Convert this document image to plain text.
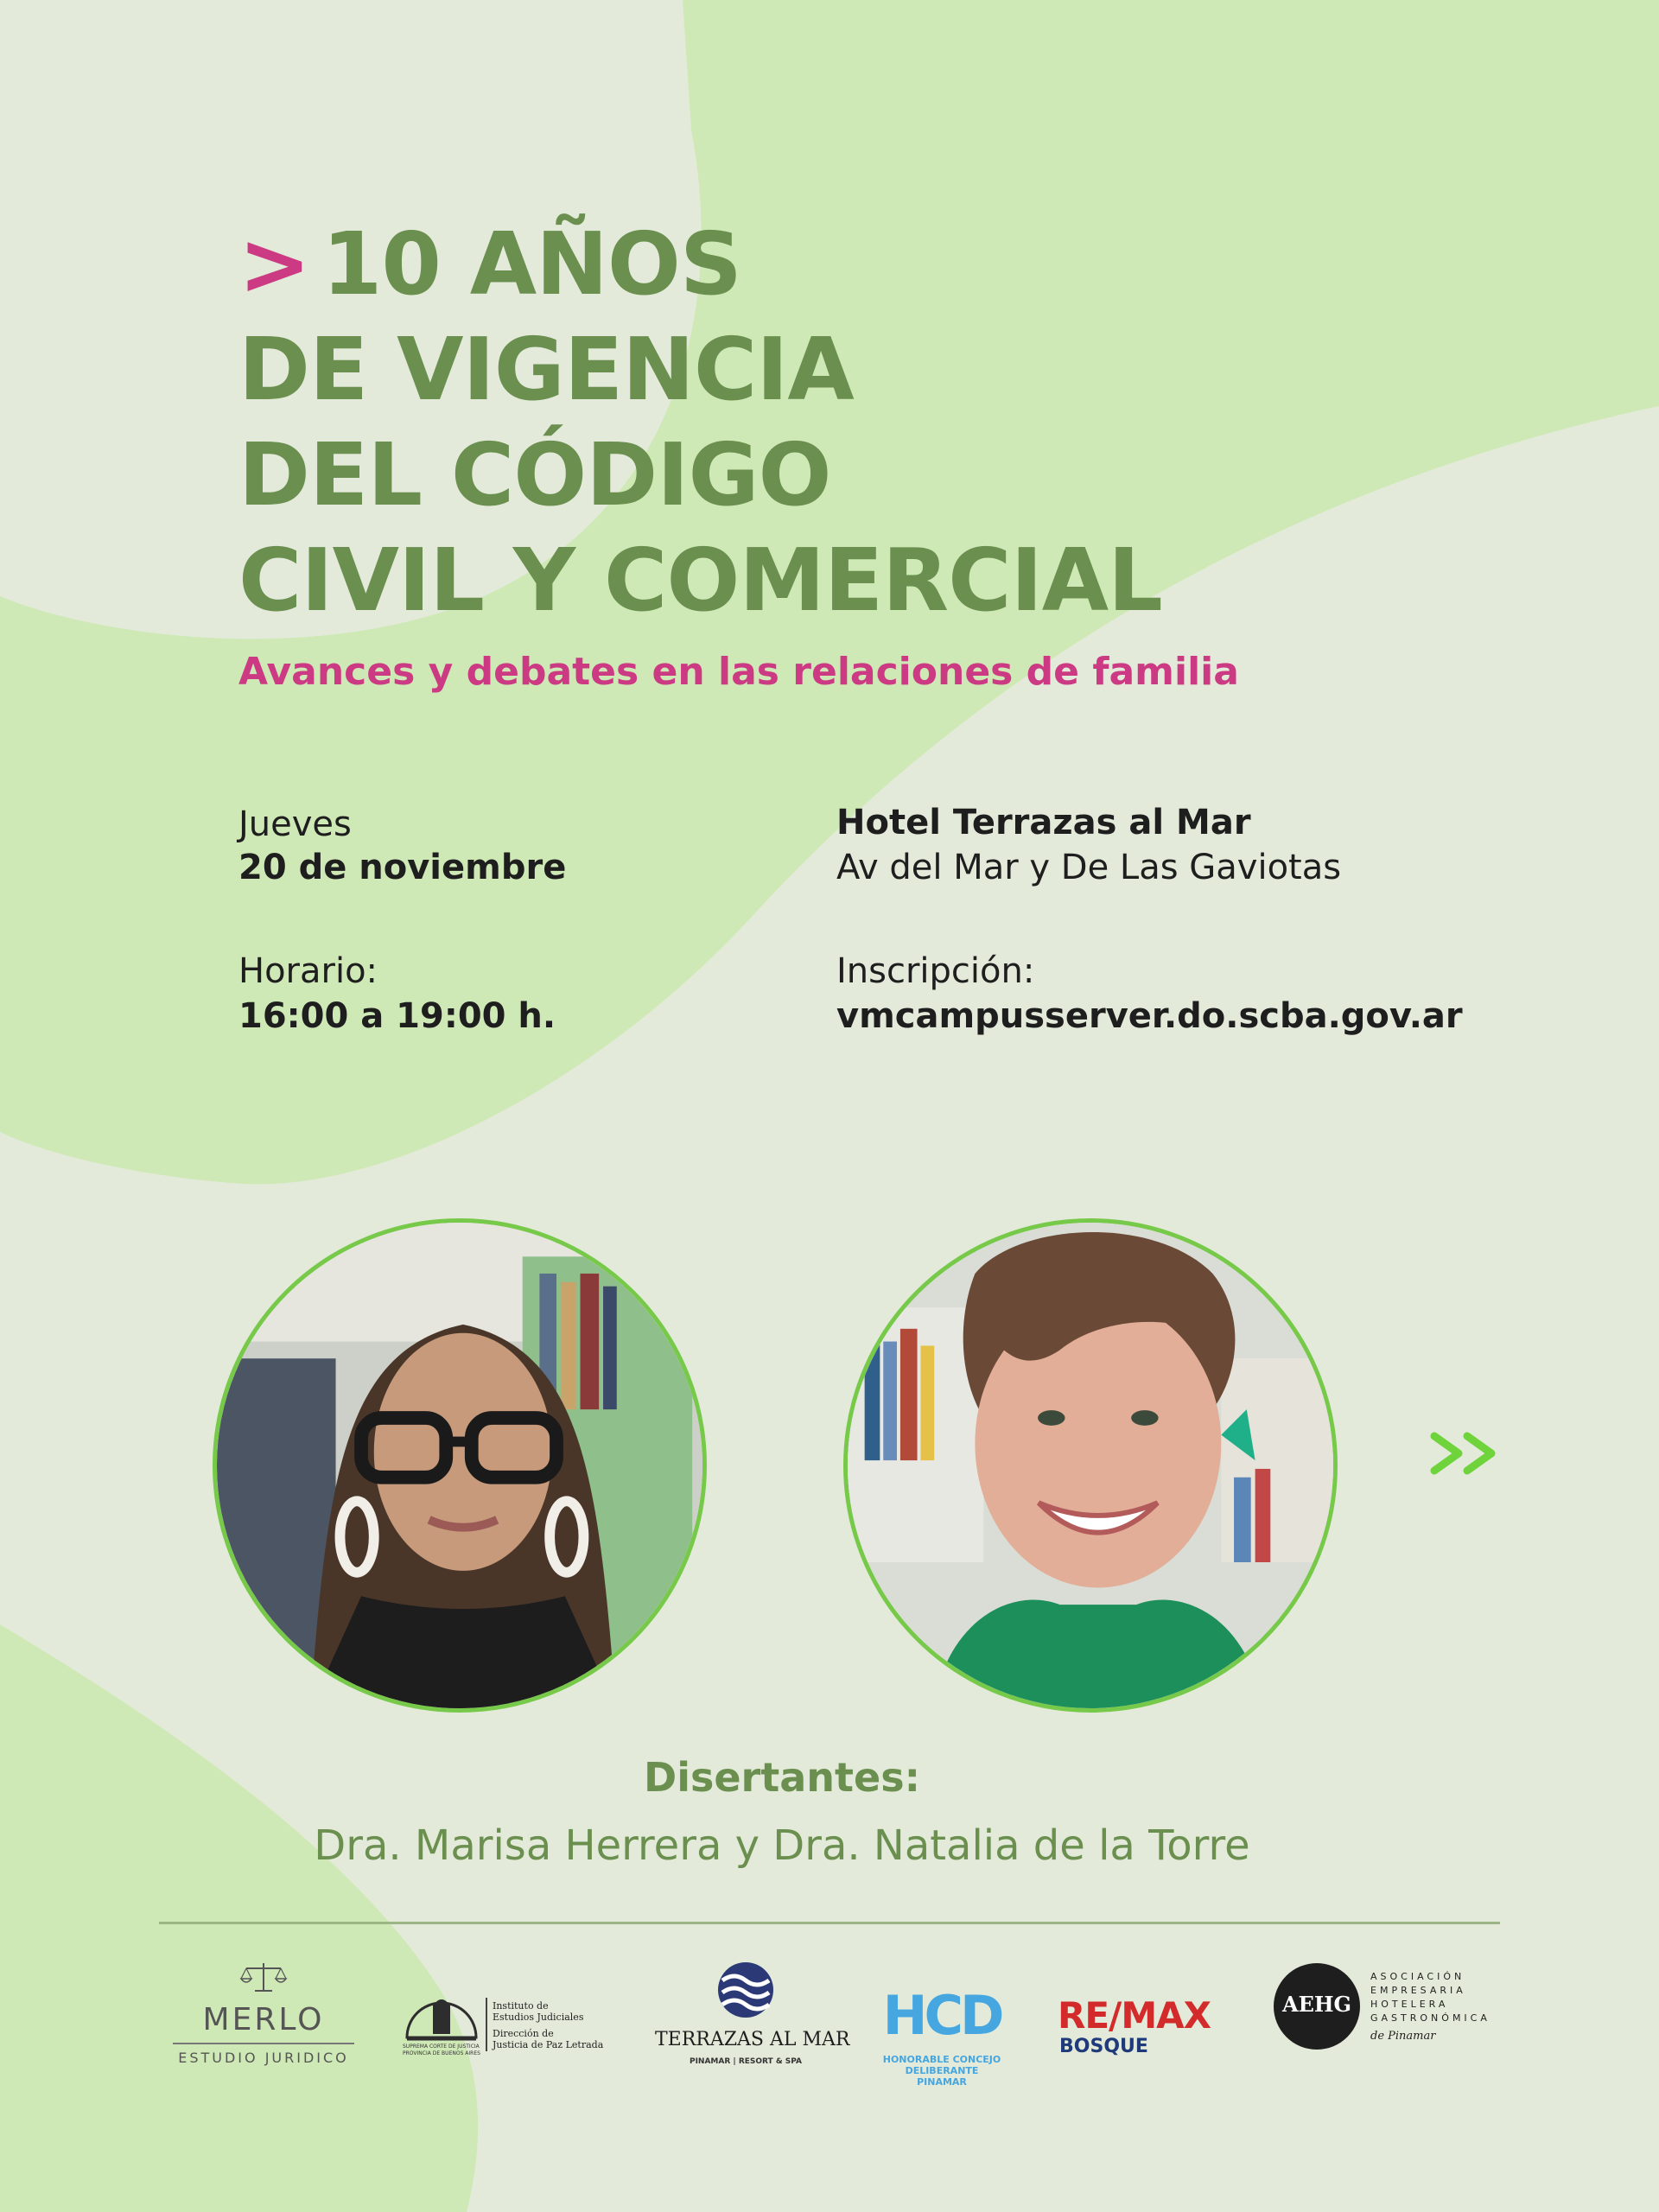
> 10 AÑOS
DE VIGENCIA
DEL CÓDIGO
CIVIL Y COMERCIAL
Avances y debates en las relaciones de familia
Jueves
20 de noviembre
Horario:
16:00 a 19:00 h.
Hotel Terrazas al Mar
Av del Mar y De Las Gaviotas
Inscripción:
vmcampusserver.do.scba.gov.ar
Disertantes:
Dra. Marisa Herrera y Dra. Natalia de la Torre
MERLO
ESTUDIO JURIDICO
SUPREMA CORTE DE JUSTICIA
PROVINCIA DE BUENOS AIRES
Instituto de
Estudios Judiciales
Dirección de
Justicia de Paz Letrada	TERRAZAS AL MAR
PINAMAR | RESORT & SPA
HCD
HONORABLE CONCEJO
DELIBERANTE
PINAMAR
RE/MAX
BOSQUE
AEHG
ASOCIACIÓN
EMPRESARIA
HOTELERA
GASTRONÓMICA
de Pinamar
